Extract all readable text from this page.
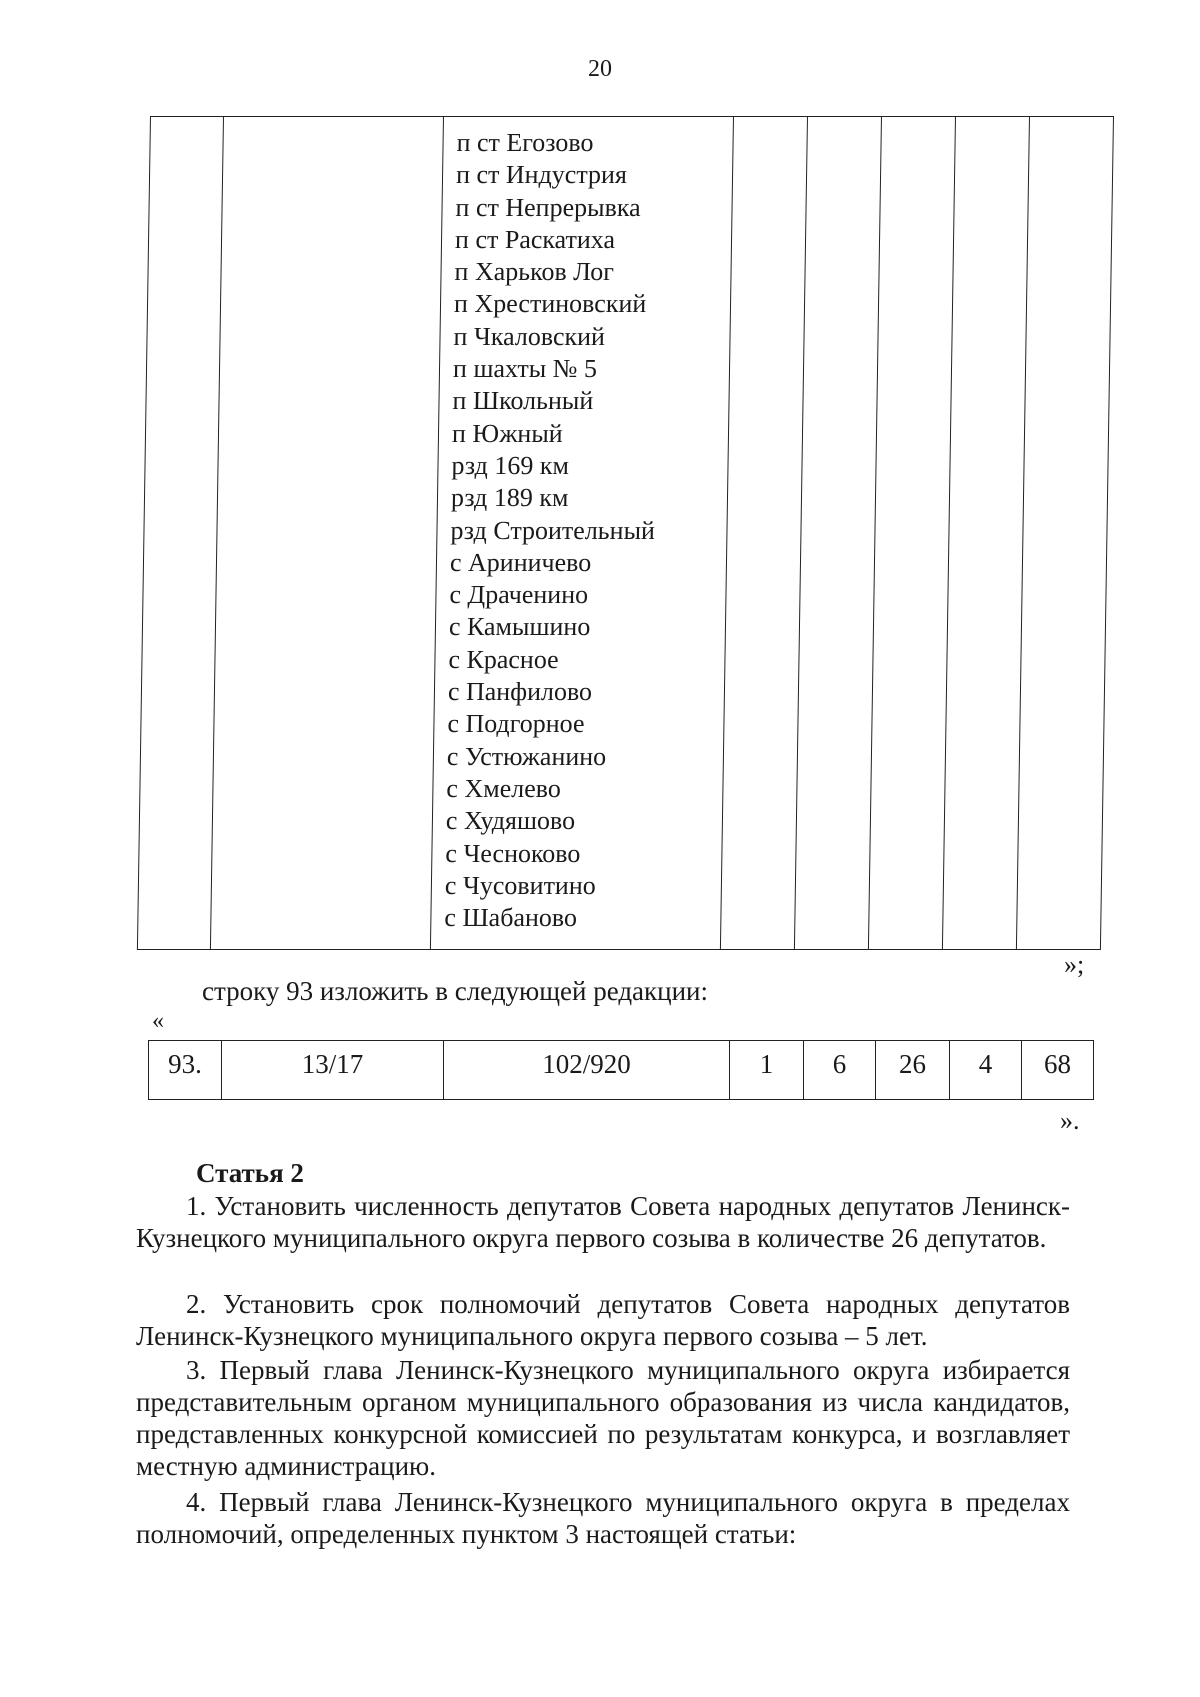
20
п ст Егозово
п ст Индустрия
п ст Непрерывка
п ст Раскатиха
п Харьков Лог
п Хрестиновский
п Чкаловский
п шахты № 5
п Школьный
п Южный
рзд 169 км
рзд 189 км
рзд Строительный
с Ариничево
с Драченино
с Камышино
с Красное
с Панфилово
с Подгорное
с Устюжанино
с Хмелево
с Худяшово
с Чесноково
с Чусовитино
с Шабаново
»;
строку 93 изложить в следующей редакции:
«
93.	13/17	102/920	1	6	26	4	68
».
Статья 2

1. Установить численность депутатов Совета народных депутатов Ленинск-Кузнецкого муниципального округа первого созыва в количестве 26 депутатов.

2. Установить срок полномочий депутатов Совета народных депутатов Ленинск-Кузнецкого муниципального округа первого созыва – 5 лет.

3. Первый глава Ленинск-Кузнецкого муниципального округа избирается представительным органом муниципального образования из числа кандидатов, представленных конкурсной комиссией по результатам конкурса, и возглавляет местную администрацию.

4. Первый глава Ленинск-Кузнецкого муниципального округа в пределах полномочий, определенных пунктом 3 настоящей статьи:
